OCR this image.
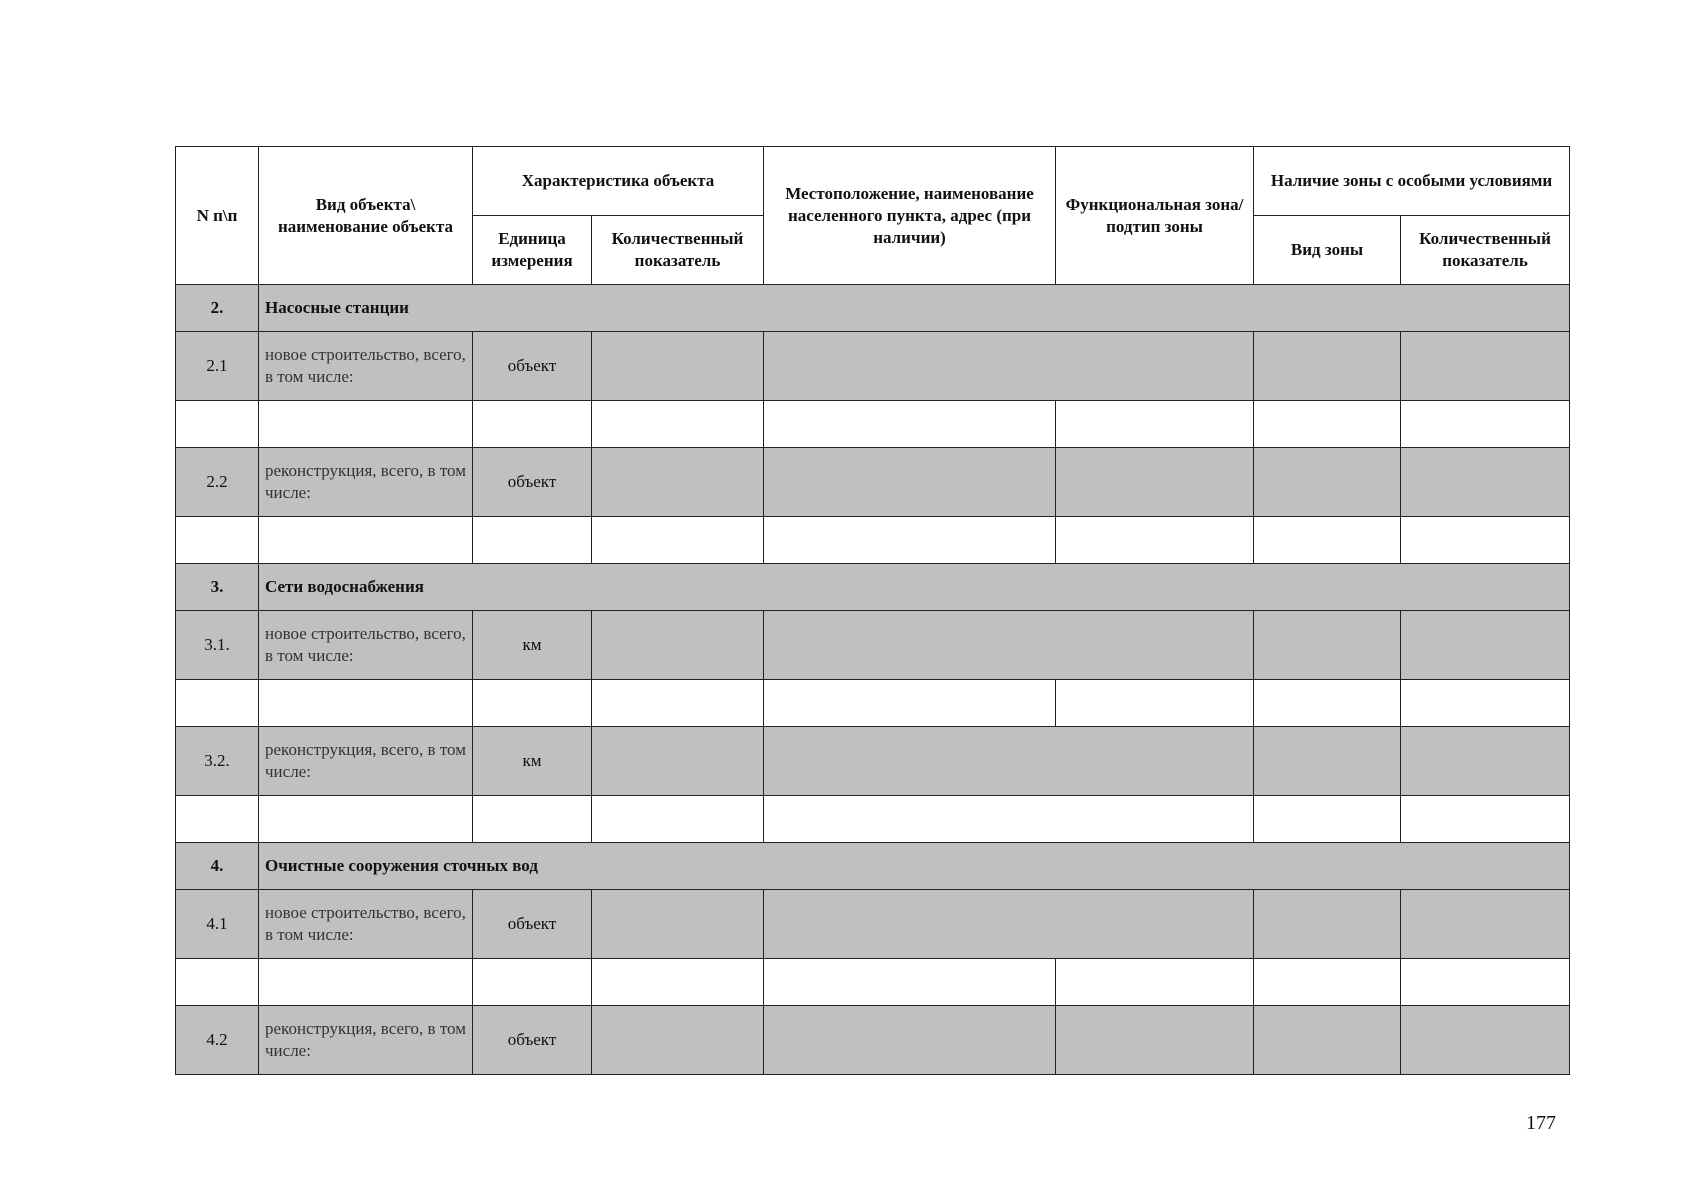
N п\п	Вид объекта\ наименование объекта	Характеристика объекта		Местоположение, наименование населенного пункта, адрес (при наличии)	Функциональная зона/ подтип зоны	Наличие зоны с особыми условиями	
		Единица измерения	Количественный показатель			Вид зоны	Количественный показатель
2.	Насосные станции						
2.1	новое строительство, всего, в том числе:	объект					

2.2	реконструкция, всего, в том числе:	объект					

3.	Сети водоснабжения						
3.1.	новое строительство, всего, в том числе:	км					

3.2.	реконструкция, всего, в том числе:	км					

4.	Очистные сооружения сточных вод						
4.1	новое строительство, всего, в том числе:	объект					

4.2	реконструкция, всего, в том числе:	объект					
177
